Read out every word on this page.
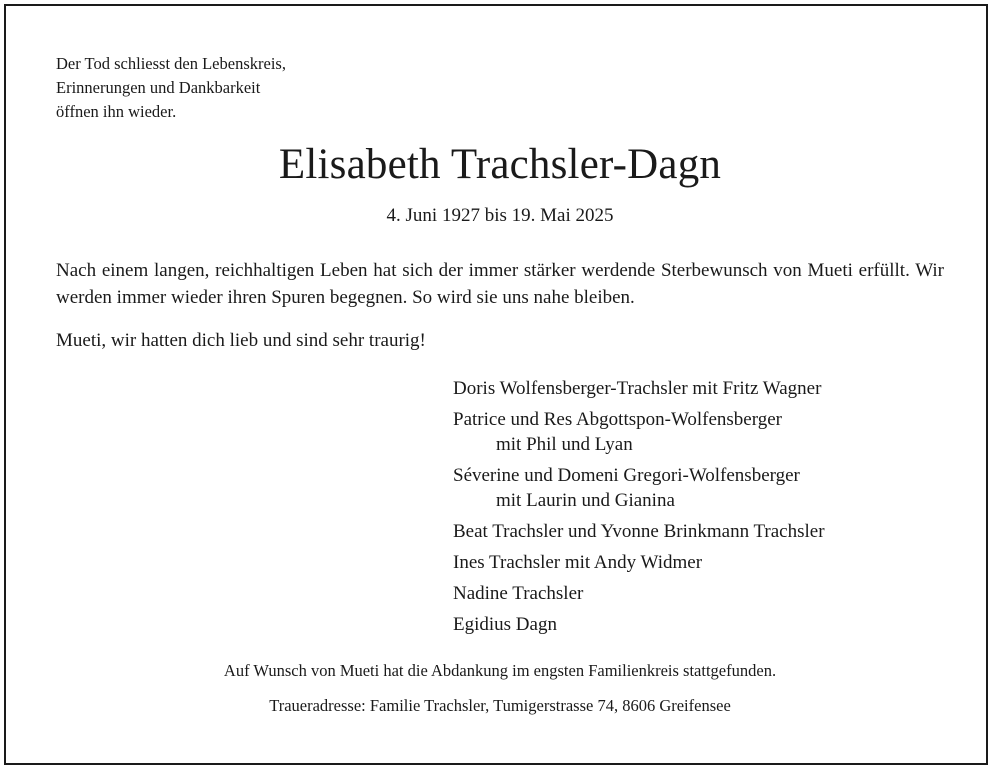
Der Tod schliesst den Lebenskreis,
Erinnerungen und Dankbarkeit
öffnen ihn wieder.
Elisabeth Trachsler-Dagn
4. Juni 1927 bis 19. Mai 2025

Nach einem langen, reichhaltigen Leben hat sich der immer stärker werdende Sterbewunsch von Mueti erfüllt. Wir werden immer wieder ihren Spuren begegnen. So wird sie uns nahe bleiben.

Mueti, wir hatten dich lieb und sind sehr traurig!

Doris Wolfensberger-Trachsler mit Fritz Wagner
Patrice und Res Abgottspon-Wolfensberger
mit Phil und Lyan
Séverine und Domeni Gregori-Wolfensberger
mit Laurin und Gianina
Beat Trachsler und Yvonne Brinkmann Trachsler
Ines Trachsler mit Andy Widmer
Nadine Trachsler
Egidius Dagn
Auf Wunsch von Mueti hat die Abdankung im engsten Familienkreis stattgefunden.
Traueradresse: Familie Trachsler, Tumigerstrasse 74, 8606 Greifensee
